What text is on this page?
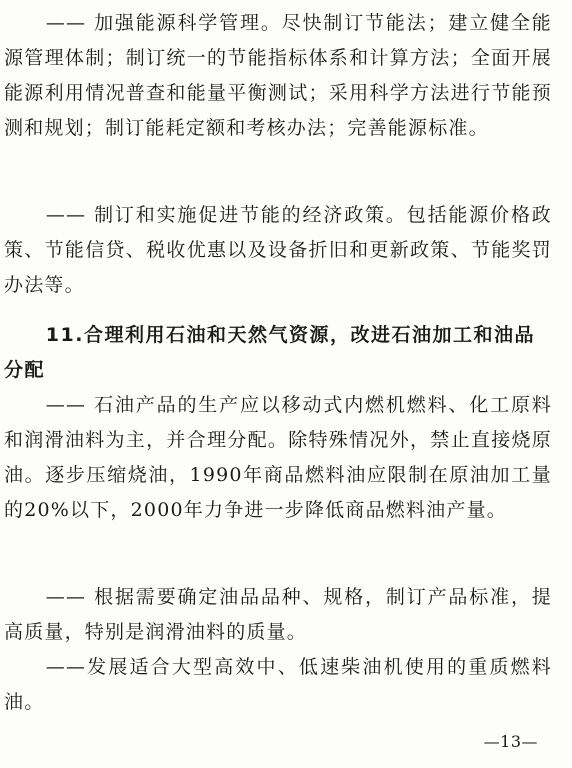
—— 加强能源科学管理。尽快制订节能法；建立健全能源管理体制；制订统一的节能指标体系和计算方法；全面开展能源利用情况普查和能量平衡测试；采用科学方法进行节能预测和规划；制订能耗定额和考核办法；完善能源标准。

—— 制订和实施促进节能的经济政策。包括能源价格政策、节能信贷、税收优惠以及设备折旧和更新政策、节能奖罚办法等。

11.合理利用石油和天然气资源，改进石油加工和油品分配

—— 石油产品的生产应以移动式内燃机燃料、化工原料和润滑油料为主，并合理分配。除特殊情况外，禁止直接烧原油。逐步压缩烧油，1990年商品燃料油应限制在原油加工量的20%以下，2000年力争进一步降低商品燃料油产量。

—— 根据需要确定油品品种、规格，制订产品标准，提高质量，特别是润滑油料的质量。

——发展适合大型高效中、低速柴油机使用的重质燃料油。

—13—
